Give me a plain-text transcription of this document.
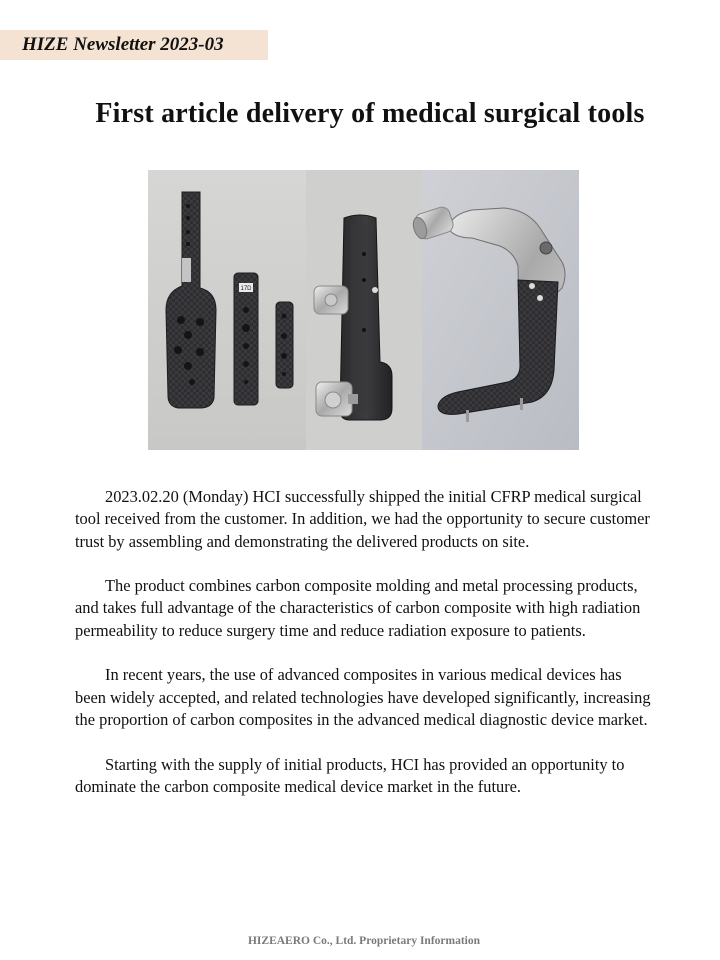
HIZE Newsletter 2023-03
First article delivery of medical surgical tools
17D

2023.02.20 (Monday) HCI successfully shipped the initial CFRP medical surgical tool received from the customer. In addition, we had the opportunity to secure customer trust by assembling and demonstrating the delivered products on site.

The product combines carbon composite molding and metal processing products, and takes full advantage of the characteristics of carbon composite with high radiation permeability to reduce surgery time and reduce radiation exposure to patients.

In recent years, the use of advanced composites in various medical devices has been widely accepted, and related technologies have developed significantly, increasing the proportion of carbon composites in the advanced medical diagnostic device market.

Starting with the supply of initial products, HCI has provided an opportunity to dominate the carbon composite medical device market in the future.

HIZEAERO Co., Ltd. Proprietary Information
